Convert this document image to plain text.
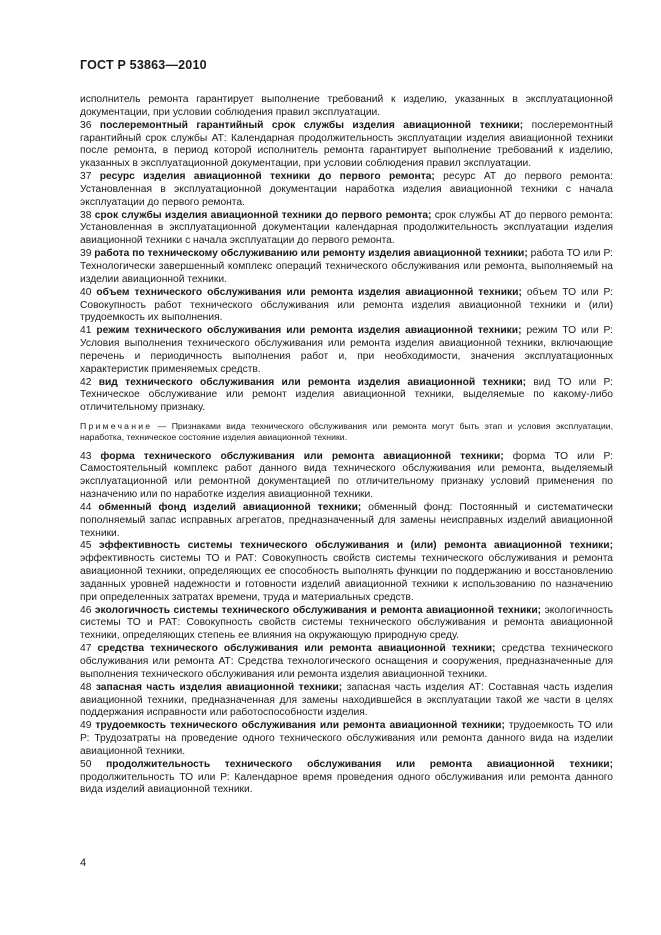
ГОСТ Р 53863—2010

исполнитель ремонта гарантирует выполнение требований к изделию, указанных в эксплуатационной документации, при условии соблюдения правил эксплуатации.

36 послеремонтный гарантийный срок службы изделия авиационной техники; послеремонтный гарантийный срок службы АТ: Календарная продолжительность эксплуатации изделия авиационной техники после ремонта, в период которой исполнитель ремонта гарантирует выполнение требований к изделию, указанных в эксплуатационной документации, при условии соблюдения правил эксплуатации.

37 ресурс изделия авиационной техники до первого ремонта; ресурс АТ до первого ремонта: Установленная в эксплуатационной документации наработка изделия авиационной техники с начала эксплуатации до первого ремонта.

38 срок службы изделия авиационной техники до первого ремонта; срок службы АТ до первого ремонта: Установленная в эксплуатационной документации календарная продолжительность эксплуатации изделия авиационной техники с начала эксплуатации до первого ремонта.

39 работа по техническому обслуживанию или ремонту изделия авиационной техники; работа ТО или Р: Технологически завершенный комплекс операций технического обслуживания или ремонта, выполняемый на изделии авиационной техники.

40 объем технического обслуживания или ремонта изделия авиационной техники; объем ТО или Р: Совокупность работ технического обслуживания или ремонта изделия авиационной техники и (или) трудоемкость их выполнения.

41 режим технического обслуживания или ремонта изделия авиационной техники; режим ТО или Р: Условия выполнения технического обслуживания или ремонта изделия авиационной техники, включающие перечень и периодичность выполнения работ и, при необходимости, значения эксплуатационных характеристик применяемых средств.

42 вид технического обслуживания или ремонта изделия авиационной техники; вид ТО или Р: Техническое обслуживание или ремонт изделия авиационной техники, выделяемые по какому-либо отличительному признаку.

Примечание — Признаками вида технического обслуживания или ремонта могут быть этап и условия эксплуатации, наработка, техническое состояние изделия авиационной техники.

43 форма технического обслуживания или ремонта авиационной техники; форма ТО или Р: Самостоятельный комплекс работ данного вида технического обслуживания или ремонта, выделяемый эксплуатационной или ремонтной документацией по отличительному признаку условий применения по назначению или по наработке изделия авиационной техники.

44 обменный фонд изделий авиационной техники; обменный фонд: Постоянный и систематически пополняемый запас исправных агрегатов, предназначенный для замены неисправных изделий авиационной техники.

45 эффективность системы технического обслуживания и (или) ремонта авиационной техники; эффективность системы ТО и РАТ: Совокупность свойств системы технического обслуживания и ремонта авиационной техники, определяющих ее способность выполнять функции по поддержанию и восстановлению заданных уровней надежности и готовности изделий авиационной техники к использованию по назначению при определенных затратах времени, труда и материальных средств.

46 экологичность системы технического обслуживания и ремонта авиационной техники; экологичность системы ТО и РАТ: Совокупность свойств системы технического обслуживания и ремонта авиационной техники, определяющих степень ее влияния на окружающую природную среду.

47 средства технического обслуживания или ремонта авиационной техники; средства технического обслуживания или ремонта АТ: Средства технологического оснащения и сооружения, предназначенные для выполнения технического обслуживания или ремонта изделия авиационной техники.

48 запасная часть изделия авиационной техники; запасная часть изделия АТ: Составная часть изделия авиационной техники, предназначенная для замены находившейся в эксплуатации такой же части в целях поддержания исправности или работоспособности изделия.

49 трудоемкость технического обслуживания или ремонта авиационной техники; трудоемкость ТО или Р: Трудозатраты на проведение одного технического обслуживания или ремонта данного вида на изделии авиационной техники.

50 продолжительность технического обслуживания или ремонта авиационной техники; продолжительность ТО или Р: Календарное время проведения одного обслуживания или ремонта данного вида изделий авиационной техники.

4
